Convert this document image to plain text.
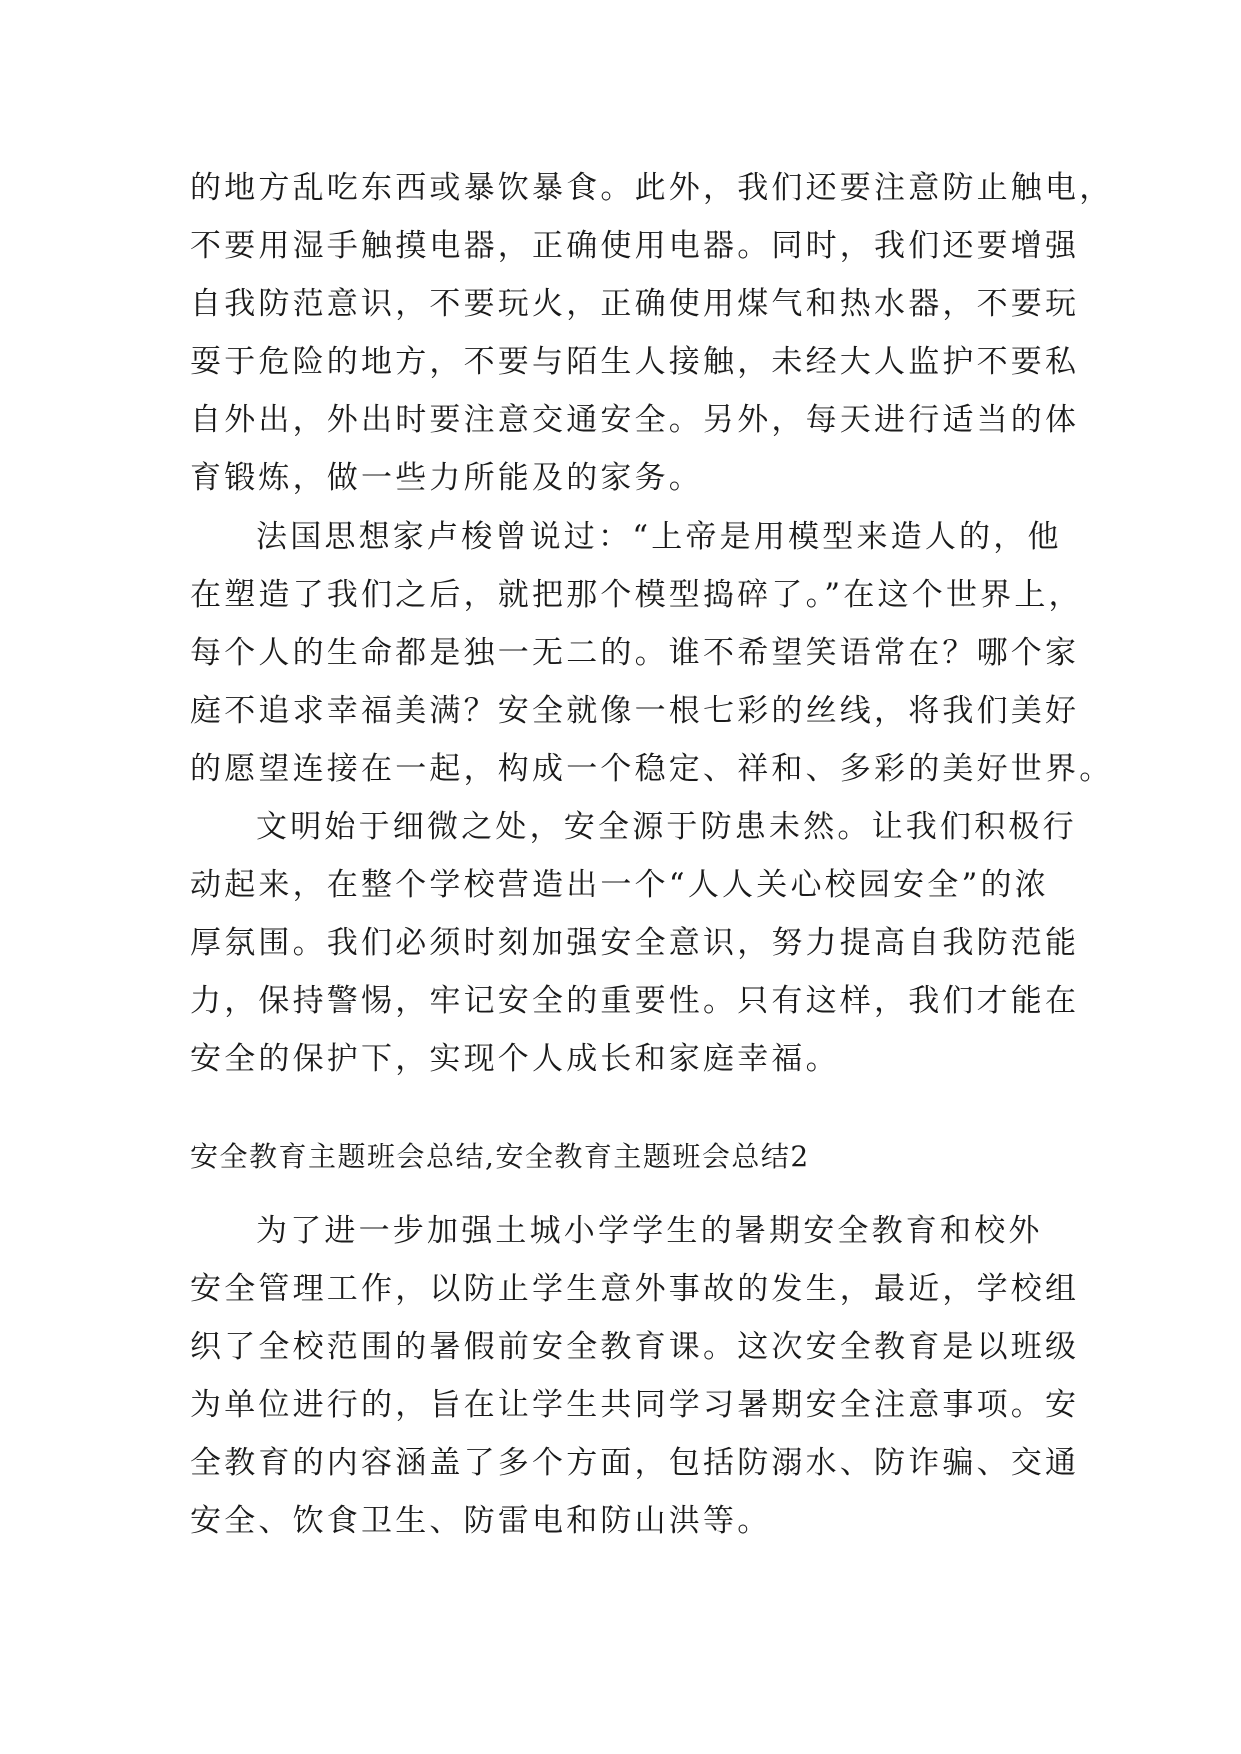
的地方乱吃东西或暴饮暴食。此外，我们还要注意防止触电，
不要用湿手触摸电器，正确使用电器。同时，我们还要增强
自我防范意识，不要玩火，正确使用煤气和热水器，不要玩
耍于危险的地方，不要与陌生人接触，未经大人监护不要私
自外出，外出时要注意交通安全。另外，每天进行适当的体
育锻炼，做一些力所能及的家务。
法国思想家卢梭曾说过：“上帝是用模型来造人的，他
在塑造了我们之后，就把那个模型捣碎了。”在这个世界上，
每个人的生命都是独一无二的。谁不希望笑语常在？哪个家
庭不追求幸福美满？安全就像一根七彩的丝线，将我们美好
的愿望连接在一起，构成一个稳定、祥和、多彩的美好世界。
文明始于细微之处，安全源于防患未然。让我们积极行
动起来，在整个学校营造出一个“人人关心校园安全”的浓
厚氛围。我们必须时刻加强安全意识，努力提高自我防范能
力，保持警惕，牢记安全的重要性。只有这样，我们才能在
安全的保护下，实现个人成长和家庭幸福。
安全教育主题班会总结,安全教育主题班会总结2
为了进一步加强土城小学学生的暑期安全教育和校外
安全管理工作，以防止学生意外事故的发生，最近，学校组
织了全校范围的暑假前安全教育课。这次安全教育是以班级
为单位进行的，旨在让学生共同学习暑期安全注意事项。安
全教育的内容涵盖了多个方面，包括防溺水、防诈骗、交通
安全、饮食卫生、防雷电和防山洪等。
